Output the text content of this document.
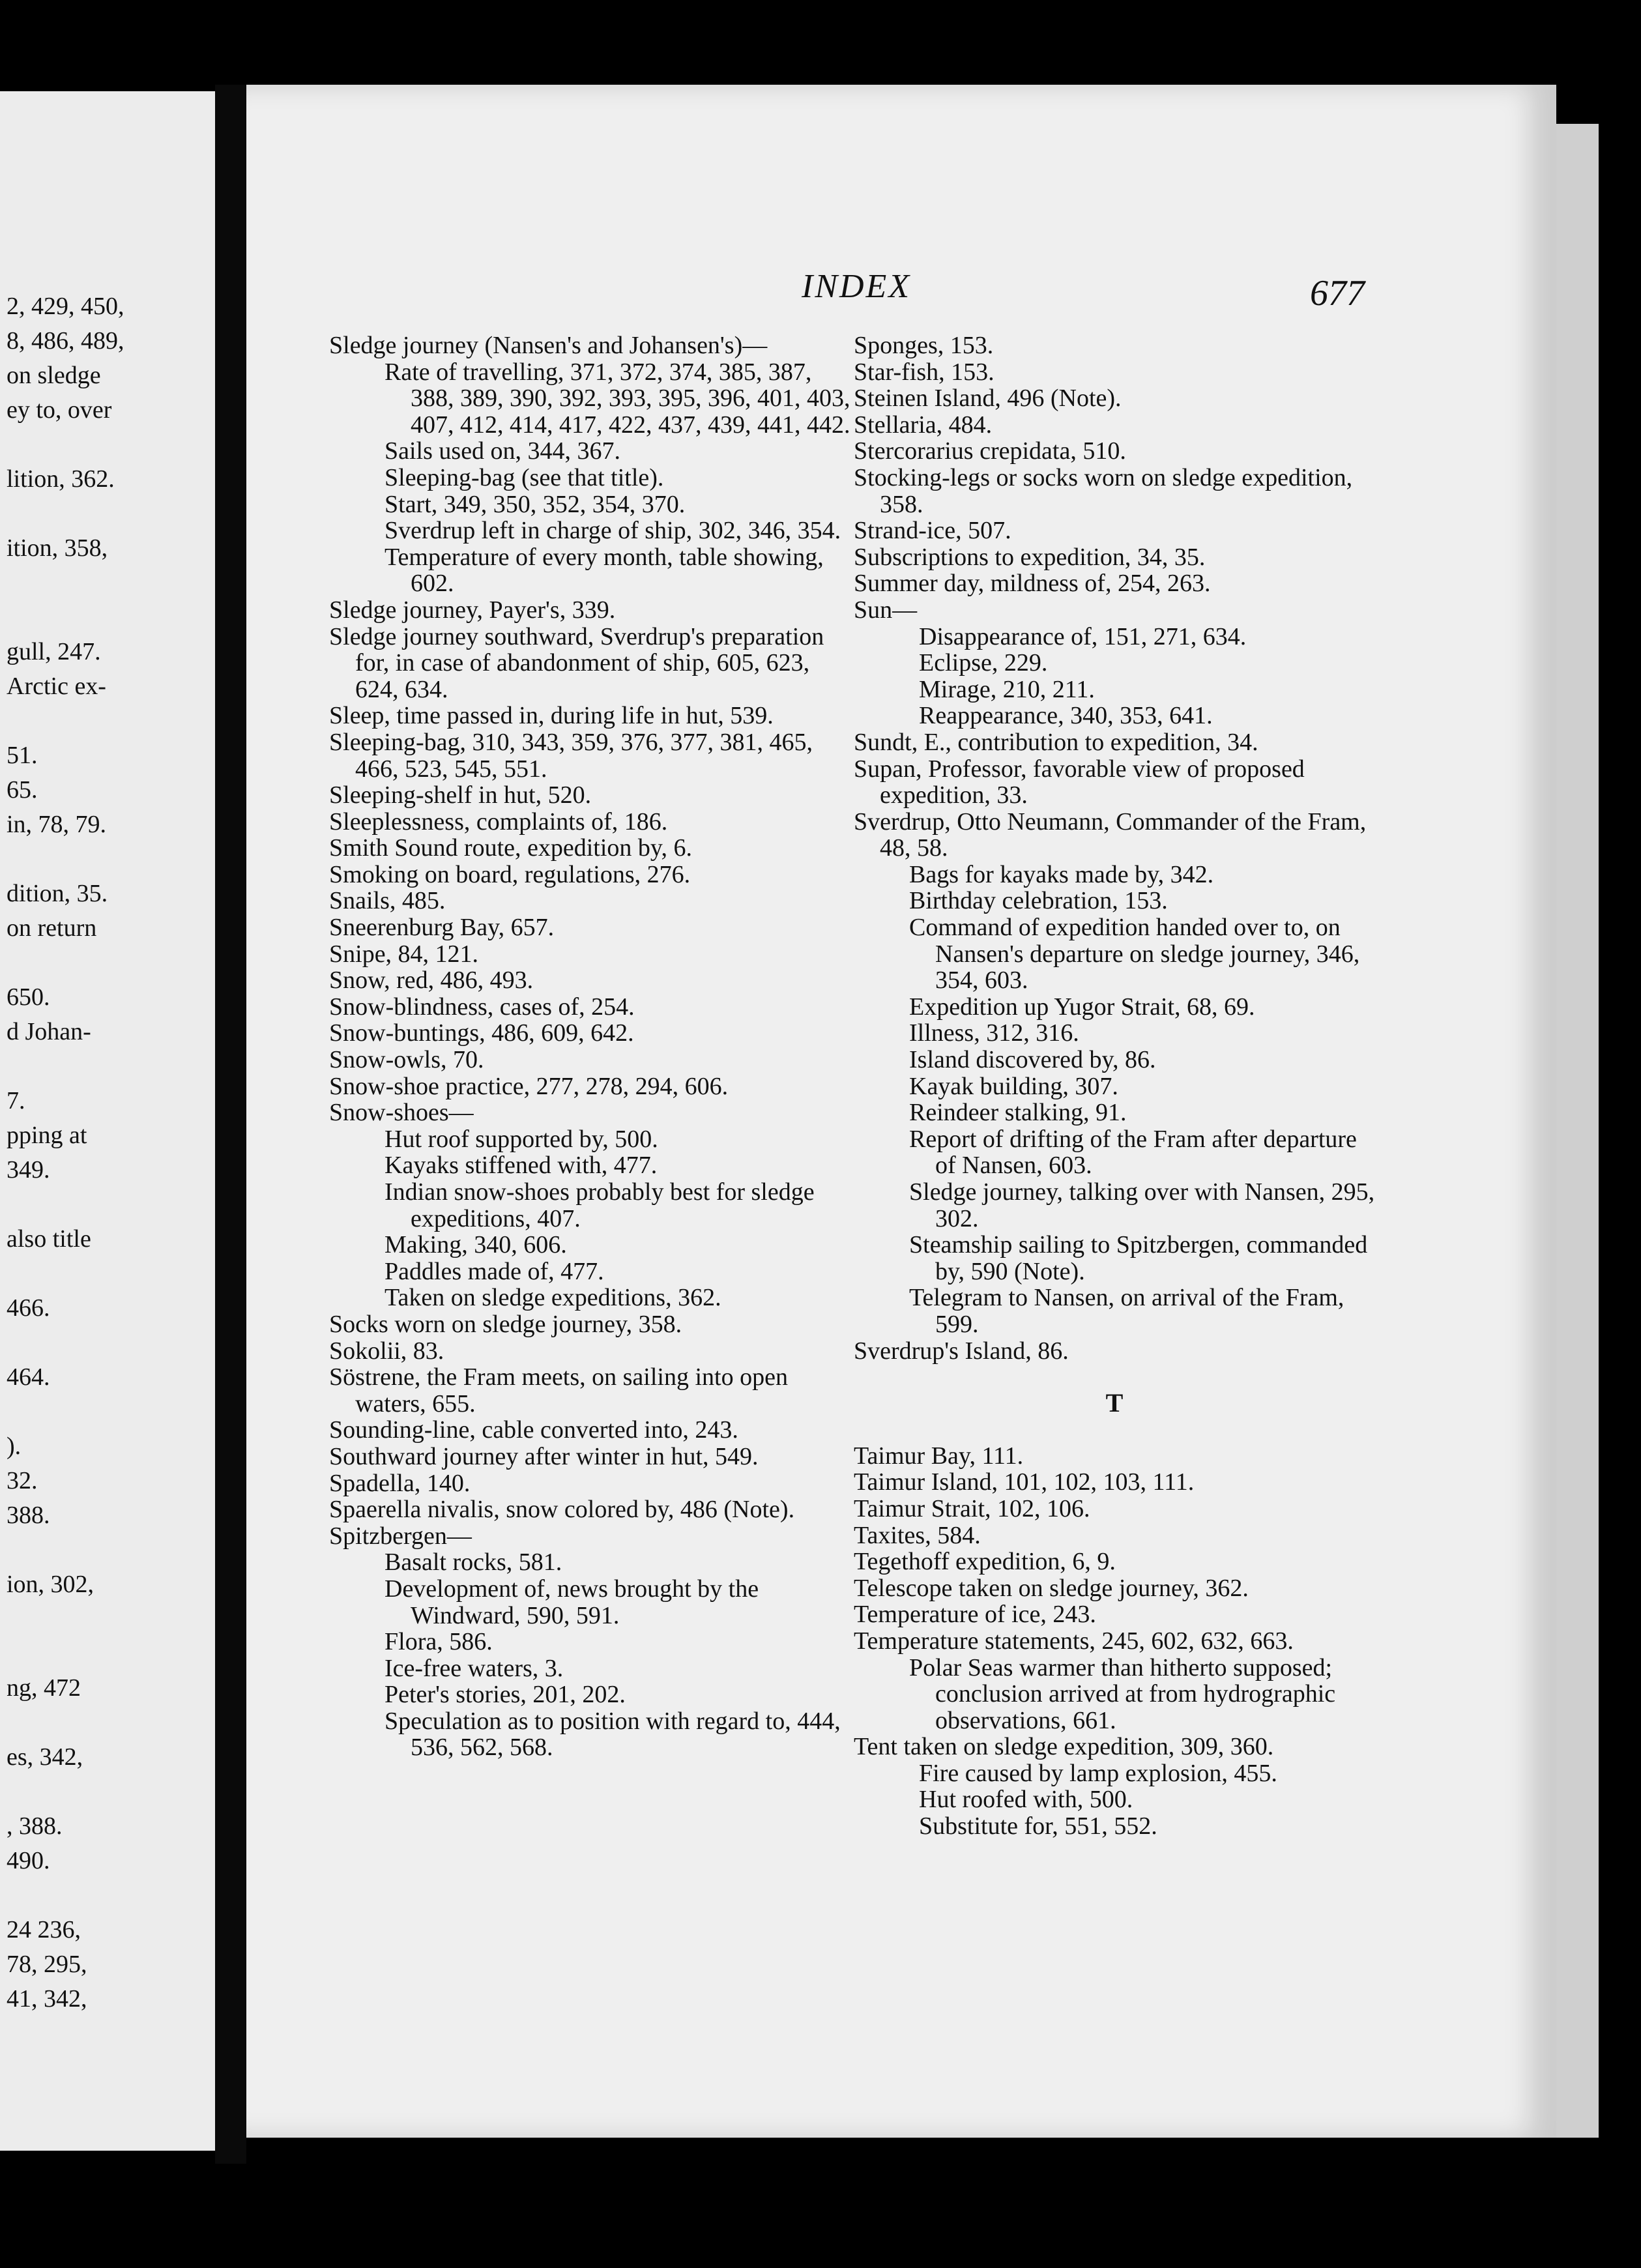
2, 429, 450,
8, 486, 489,
on sledge
ey to, over
lition, 362.
ition, 358,
gull, 247.
Arctic ex-
51.
65.
in, 78, 79.
dition, 35.
on return
650.
d Johan-
7.
pping at
349.
also title
466.
464.
).
32.
388.
ion, 302,
ng, 472
es, 342,
, 388.
490.
24 236,
78, 295,
41, 342,
INDEX	677
Sledge journey (Nansen's and Johansen's)—
Rate of travelling, 371, 372, 374, 385, 387, 388, 389, 390, 392, 393, 395, 396, 401, 403, 407, 412, 414, 417, 422, 437, 439, 441, 442.
Sails used on, 344, 367.
Sleeping-bag (see that title).
Start, 349, 350, 352, 354, 370.
Sverdrup left in charge of ship, 302, 346, 354.
Temperature of every month, table showing, 602.
Sledge journey, Payer's, 339.
Sledge journey southward, Sverdrup's preparation for, in case of abandonment of ship, 605, 623, 624, 634.
Sleep, time passed in, during life in hut, 539.
Sleeping-bag, 310, 343, 359, 376, 377, 381, 465, 466, 523, 545, 551.
Sleeping-shelf in hut, 520.
Sleeplessness, complaints of, 186.
Smith Sound route, expedition by, 6.
Smoking on board, regulations, 276.
Snails, 485.
Sneerenburg Bay, 657.
Snipe, 84, 121.
Snow, red, 486, 493.
Snow-blindness, cases of, 254.
Snow-buntings, 486, 609, 642.
Snow-owls, 70.
Snow-shoe practice, 277, 278, 294, 606.
Snow-shoes—
Hut roof supported by, 500.
Kayaks stiffened with, 477.
Indian snow-shoes probably best for sledge expeditions, 407.
Making, 340, 606.
Paddles made of, 477.
Taken on sledge expeditions, 362.
Socks worn on sledge journey, 358.
Sokolii, 83.
Söstrene, the Fram meets, on sailing into open waters, 655.
Sounding-line, cable converted into, 243.
Southward journey after winter in hut, 549.
Spadella, 140.
Spaerella nivalis, snow colored by, 486 (Note).
Spitzbergen—
Basalt rocks, 581.
Development of, news brought by the Windward, 590, 591.
Flora, 586.
Ice-free waters, 3.
Peter's stories, 201, 202.
Speculation as to position with regard to, 444, 536, 562, 568.
Sponges, 153.
Star-fish, 153.
Steinen Island, 496 (Note).
Stellaria, 484.
Stercorarius crepidata, 510.
Stocking-legs or socks worn on sledge expedition, 358.
Strand-ice, 507.
Subscriptions to expedition, 34, 35.
Summer day, mildness of, 254, 263.
Sun—
Disappearance of, 151, 271, 634.
Eclipse, 229.
Mirage, 210, 211.
Reappearance, 340, 353, 641.
Sundt, E., contribution to expedition, 34.
Supan, Professor, favorable view of proposed expedition, 33.
Sverdrup, Otto Neumann, Commander of the Fram, 48, 58.
Bags for kayaks made by, 342.
Birthday celebration, 153.
Command of expedition handed over to, on Nansen's departure on sledge journey, 346, 354, 603.
Expedition up Yugor Strait, 68, 69.
Illness, 312, 316.
Island discovered by, 86.
Kayak building, 307.
Reindeer stalking, 91.
Report of drifting of the Fram after departure of Nansen, 603.
Sledge journey, talking over with Nansen, 295, 302.
Steamship sailing to Spitzbergen, commanded by, 590 (Note).
Telegram to Nansen, on arrival of the Fram, 599.
Sverdrup's Island, 86.
T
Taimur Bay, 111.
Taimur Island, 101, 102, 103, 111.
Taimur Strait, 102, 106.
Taxites, 584.
Tegethoff expedition, 6, 9.
Telescope taken on sledge journey, 362.
Temperature of ice, 243.
Temperature statements, 245, 602, 632, 663.
Polar Seas warmer than hitherto supposed; conclusion arrived at from hydrographic observations, 661.
Tent taken on sledge expedition, 309, 360.
Fire caused by lamp explosion, 455.
Hut roofed with, 500.
Substitute for, 551, 552.
